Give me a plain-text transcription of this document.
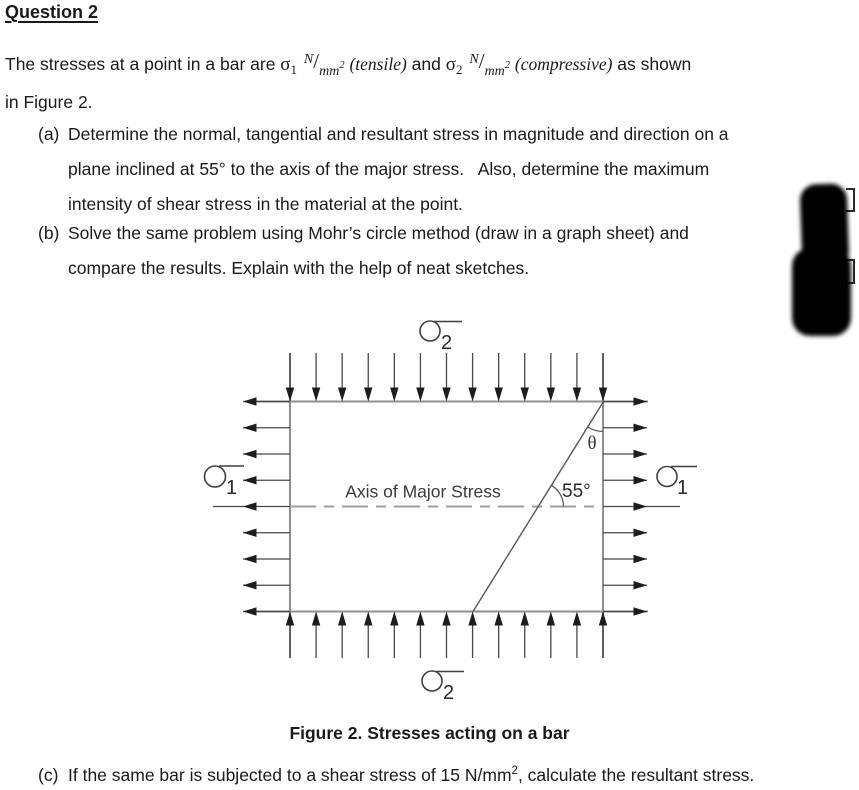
Question 2
The stresses at a point in a bar are $\sigma_1$ $^N/_{mm^2}$ (tensile) and $\sigma_2$ $^N/_{mm^2}$ (compressive) as shown
in Figure 2.
(a) Determine the normal, tangential and resultant stress in magnitude and direction on a
plane inclined at 55° to the axis of the major stress.   Also, determine the maximum
intensity of shear stress in the material at the point.
(b) Solve the same problem using Mohr’s circle method (draw in a graph sheet) and
compare the results. Explain with the help of neat sketches.
2
2
1	1
Axis of Major Stress	55°
θ
Figure 2. Stresses acting on a bar
(c) If the same bar is subjected to a shear stress of 15 $N/mm^2$, calculate the resultant stress.
